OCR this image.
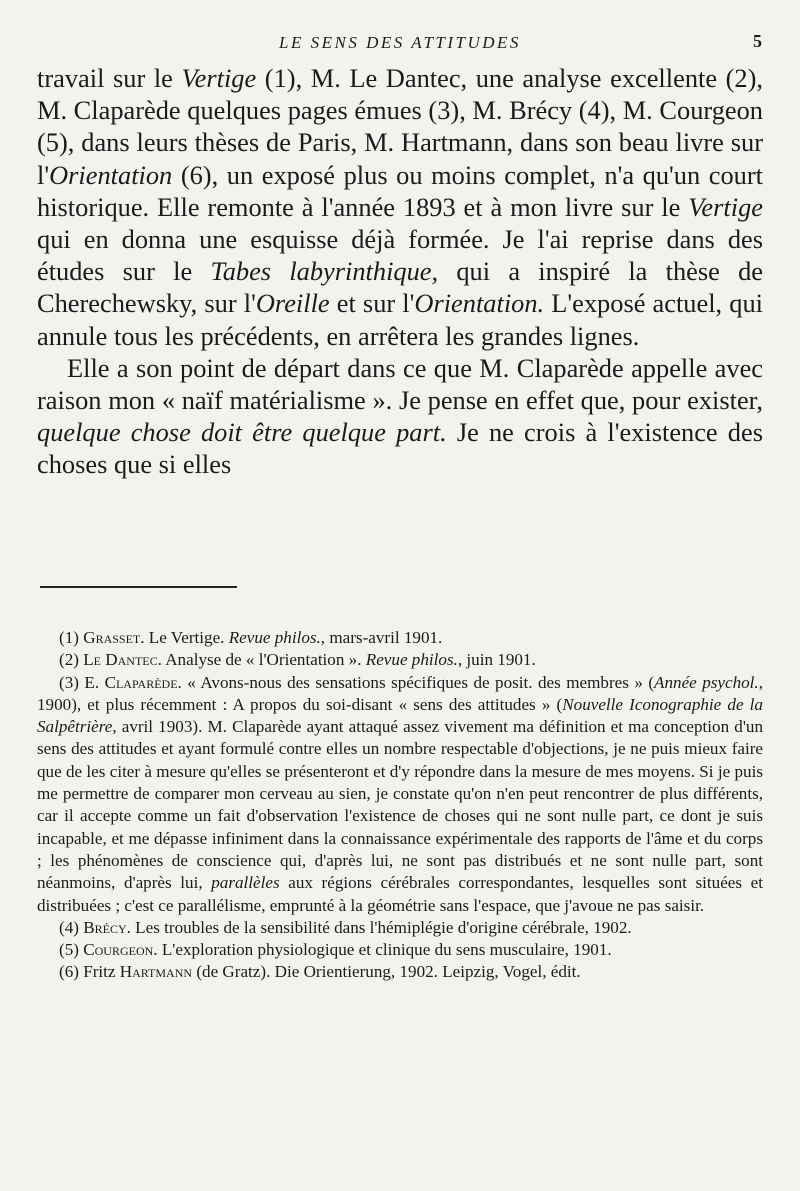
LE SENS DES ATTITUDES	5

travail sur le Vertige (1), M. Le Dantec, une analyse excellente (2), M. Claparède quelques pages émues (3), M. Brécy (4), M. Courgeon (5), dans leurs thèses de Paris, M. Hartmann, dans son beau livre sur l'Orientation (6), un exposé plus ou moins complet, n'a qu'un court historique. Elle remonte à l'année 1893 et à mon livre sur le Vertige qui en donna une esquisse déjà formée. Je l'ai reprise dans des études sur le Tabes labyrinthique, qui a inspiré la thèse de Cherechewsky, sur l'Oreille et sur l'Orientation. L'exposé actuel, qui annule tous les précédents, en arrêtera les grandes lignes.

Elle a son point de départ dans ce que M. Claparède appelle avec raison mon « naïf matérialisme ». Je pense en effet que, pour exister, quelque chose doit être quelque part. Je ne crois à l'existence des choses que si elles

(1) Grasset. Le Vertige. Revue philos., mars-avril 1901.

(2) Le Dantec. Analyse de « l'Orientation ». Revue philos., juin 1901.

(3) E. Claparède. « Avons-nous des sensations spécifiques de posit. des membres » (Année psychol., 1900), et plus récemment : A propos du soi-disant « sens des attitudes » (Nouvelle Iconographie de la Salpêtrière, avril 1903). M. Claparède ayant attaqué assez vivement ma définition et ma conception d'un sens des attitudes et ayant formulé contre elles un nombre respectable d'objections, je ne puis mieux faire que de les citer à mesure qu'elles se présenteront et d'y répondre dans la mesure de mes moyens. Si je puis me permettre de comparer mon cerveau au sien, je constate qu'on n'en peut rencontrer de plus différents, car il accepte comme un fait d'observation l'existence de choses qui ne sont nulle part, ce dont je suis incapable, et me dépasse infiniment dans la connaissance expérimentale des rapports de l'âme et du corps ; les phénomènes de conscience qui, d'après lui, ne sont pas distribués et ne sont nulle part, sont néanmoins, d'après lui, parallèles aux régions cérébrales correspondantes, lesquelles sont situées et distribuées ; c'est ce parallélisme, emprunté à la géométrie sans l'espace, que j'avoue ne pas saisir.

(4) Brécy. Les troubles de la sensibilité dans l'hémiplégie d'origine cérébrale, 1902.

(5) Courgeon. L'exploration physiologique et clinique du sens musculaire, 1901.

(6) Fritz Hartmann (de Gratz). Die Orientierung, 1902. Leipzig, Vogel, édit.
